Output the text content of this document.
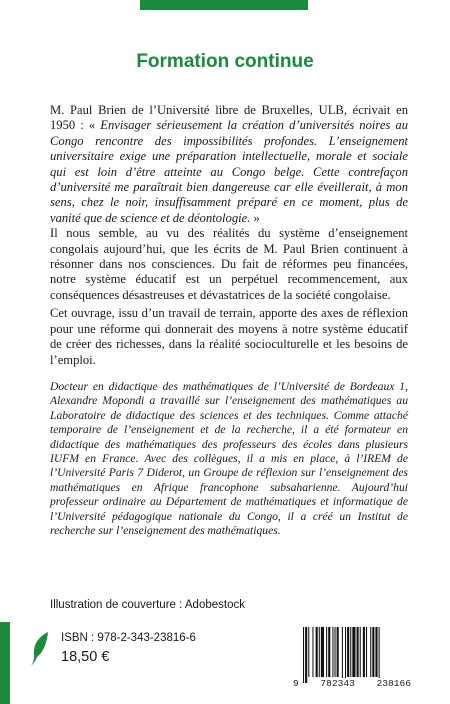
Formation continue

M. Paul Brien de l’Université libre de Bruxelles, ULB, écrivait en 1950 : « Envisager sérieusement la création d’universités noires au Congo rencontre des impossibilités profondes. L’enseignement universitaire exige une préparation intellectuelle, morale et sociale qui est loin d’être atteinte au Congo belge. Cette contrefaçon d’université me paraîtrait bien dangereuse car elle éveillerait, à mon sens, chez le noir, insuffisamment préparé en ce moment, plus de vanité que de science et de déontologie. »

Il nous semble, au vu des réalités du système d’enseignement congolais aujourd’hui, que les écrits de M. Paul Brien continuent à résonner dans nos consciences. Du fait de réformes peu financées, notre système éducatif est un perpétuel recommencement, aux conséquences désastreuses et dévastatrices de la société congolaise.

Cet ouvrage, issu d’un travail de terrain, apporte des axes de réflexion pour une réforme qui donnerait des moyens à notre système éducatif de créer des richesses, dans la réalité socioculturelle et les besoins de l’emploi.

Docteur en didactique des mathématiques de l’Université de Bordeaux 1, Alexandre Mopondi a travaillé sur l’enseignement des mathématiques au Laboratoire de didactique des sciences et des techniques. Comme attaché temporaire de l’enseignement et de la recherche, il a été formateur en didactique des mathématiques des professeurs des écoles dans plusieurs IUFM en France. Avec des collègues, il a mis en place, à l’IREM de l’Université Paris 7 Diderot, un Groupe de réflexion sur l’enseignement des mathématiques en Afrique francophone subsaharienne. Aujourd’hui professeur ordinaire au Département de mathématiques et informatique de l’Université pédagogique nationale du Congo, il a créé un Institut de recherche sur l’enseignement des mathématiques.

Illustration de couverture : Adobestock
ISBN : 978-2-343-23816-6
18,50 €
9 782343 238166
